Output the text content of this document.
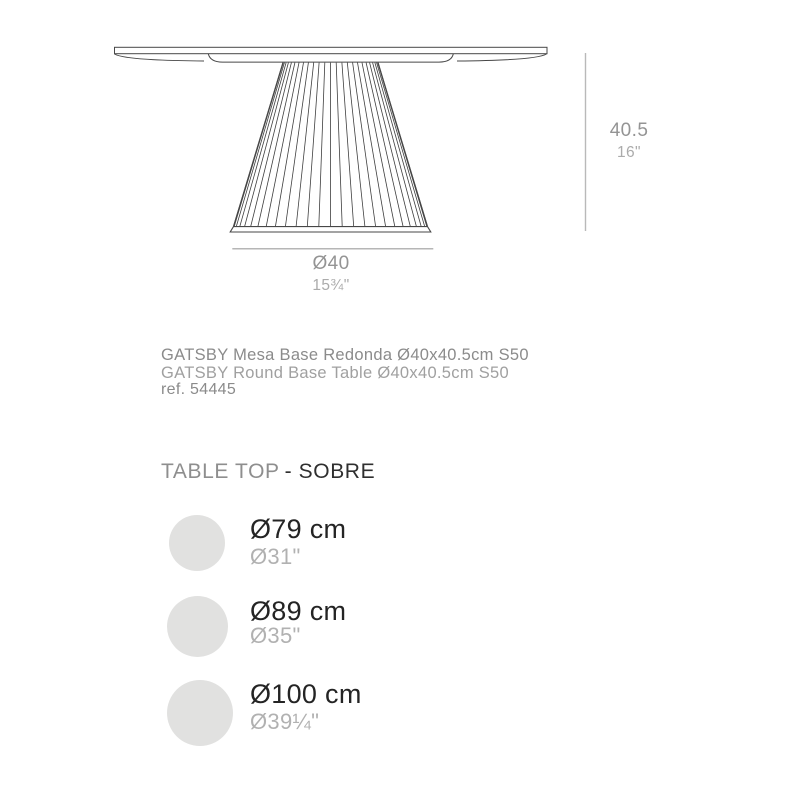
40.5
16"
Ø40
15¾"
GATSBY Mesa Base Redonda Ø40x40.5cm S50
GATSBY Round Base Table Ø40x40.5cm S50
ref. 54445
TABLE TOP - SOBRE
Ø79 cm
Ø31"
Ø89 cm
Ø35"
Ø100 cm
Ø39¼"
